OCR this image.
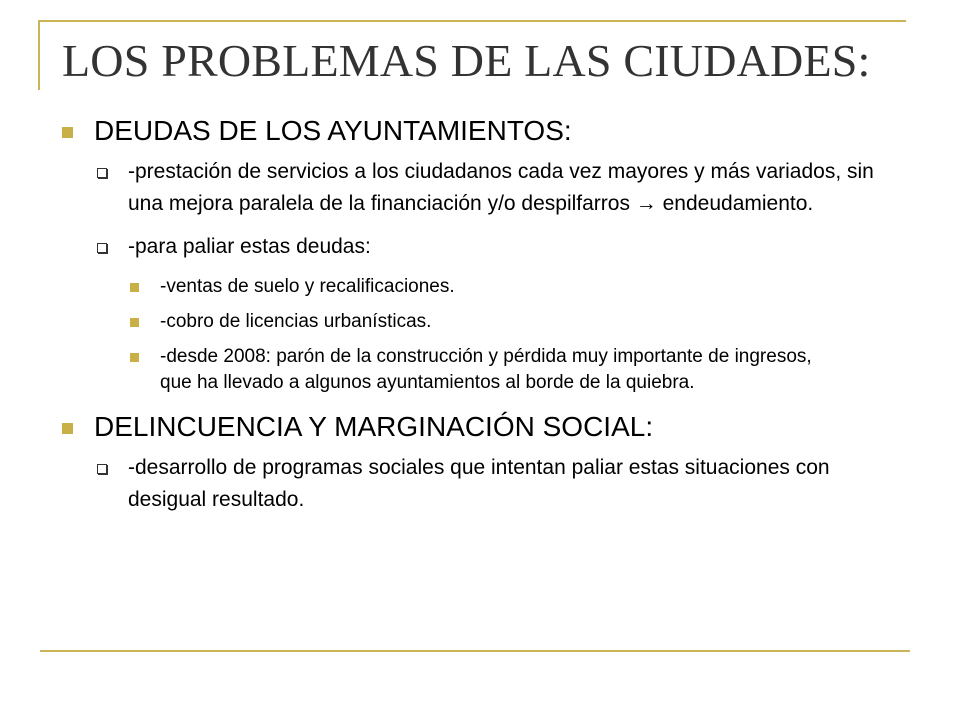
LOS PROBLEMAS DE LAS CIUDADES:
DEUDAS DE LOS AYUNTAMIENTOS:
-prestación de servicios a los ciudadanos cada vez mayores y más variados, sin una mejora paralela de la financiación y/o despilfarros → endeudamiento.
-para paliar estas deudas:
-ventas de suelo y recalificaciones.
-cobro de licencias urbanísticas.
-desde 2008: parón de la construcción y pérdida muy importante de ingresos, que ha llevado a algunos ayuntamientos al borde de la quiebra.
DELINCUENCIA Y MARGINACIÓN SOCIAL:
-desarrollo de programas sociales que intentan paliar estas situaciones con desigual resultado.
